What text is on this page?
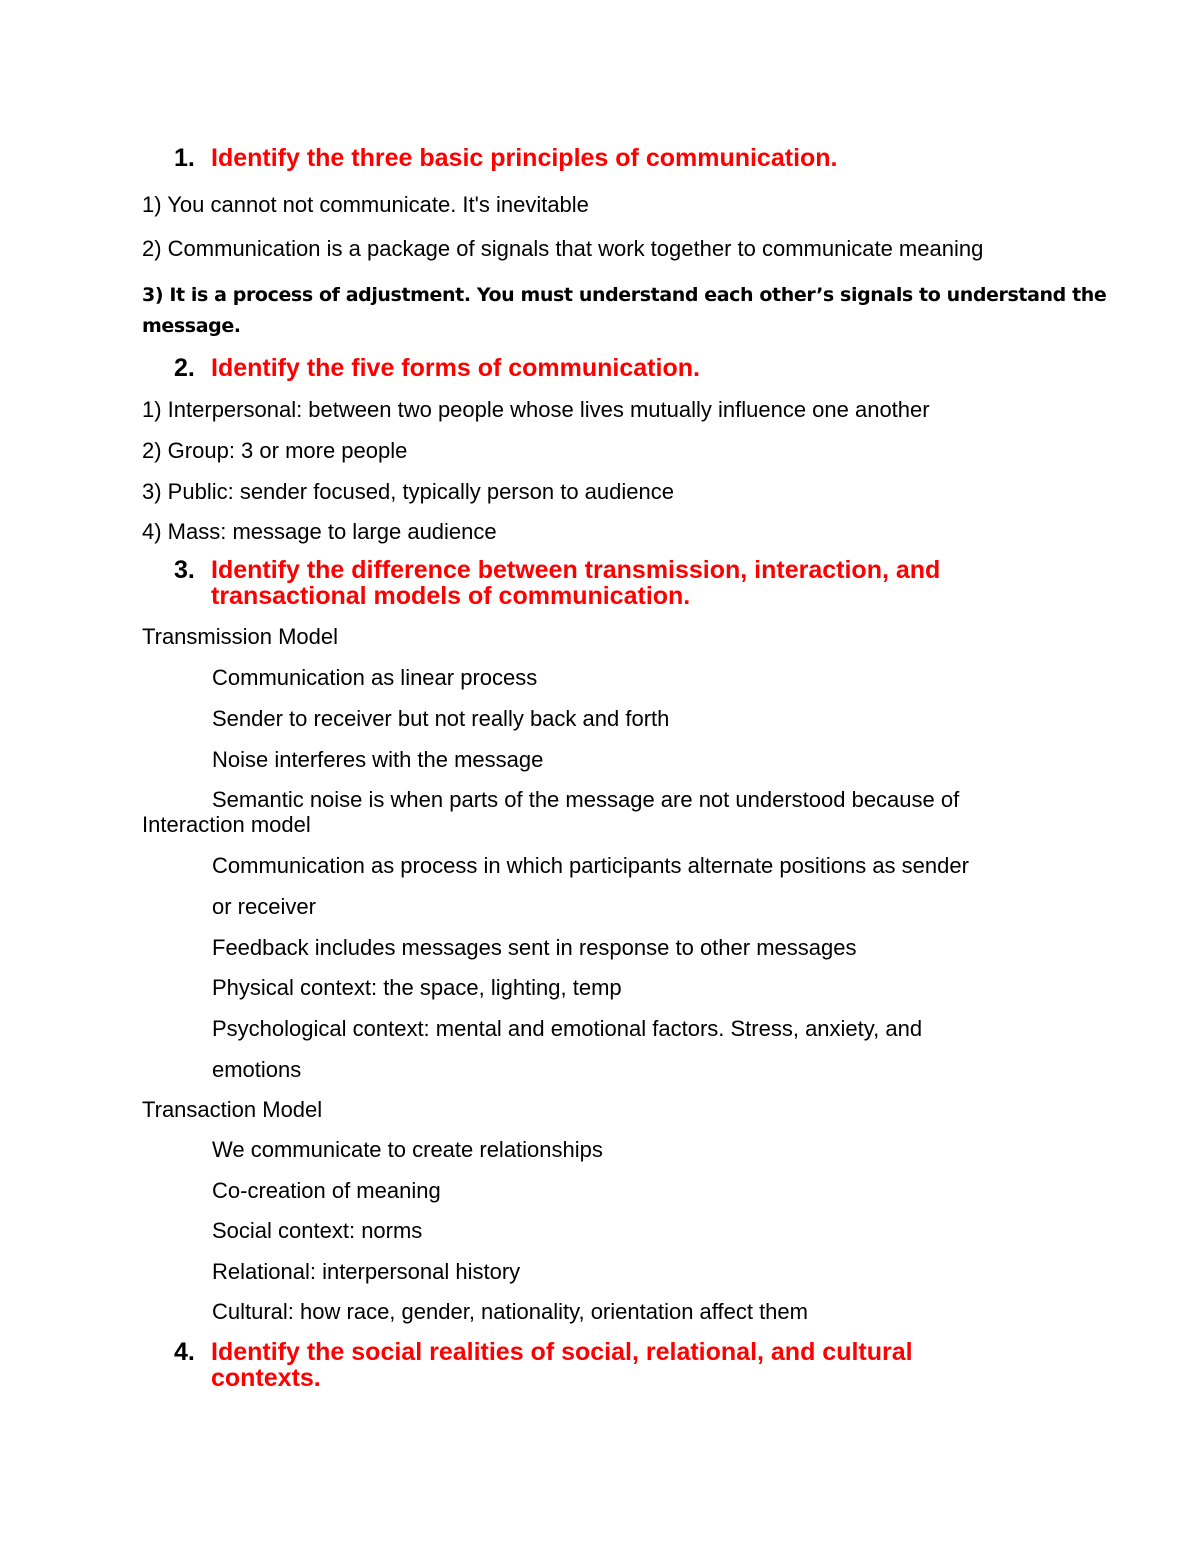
1. Identify the three basic principles of communication.
1) You cannot not communicate. It's inevitable
2) Communication is a package of signals that work together to communicate meaning
3) It is a process of adjustment. You must understand each other’s signals to understand the
message.
2. Identify the five forms of communication.
1) Interpersonal: between two people whose lives mutually influence one another
2) Group: 3 or more people
3) Public: sender focused, typically person to audience
4) Mass: message to large audience
3. Identify the difference between transmission, interaction, and
transactional models of communication.
Transmission Model
Communication as linear process
Sender to receiver but not really back and forth
Noise interferes with the message
Semantic noise is when parts of the message are not understood because of
Interaction model
Communication as process in which participants alternate positions as sender
or receiver
Feedback includes messages sent in response to other messages
Physical context: the space, lighting, temp
Psychological context: mental and emotional factors. Stress, anxiety, and
emotions
Transaction Model
We communicate to create relationships
Co-creation of meaning
Social context: norms
Relational: interpersonal history
Cultural: how race, gender, nationality, orientation affect them
4. Identify the social realities of social, relational, and cultural
contexts.
